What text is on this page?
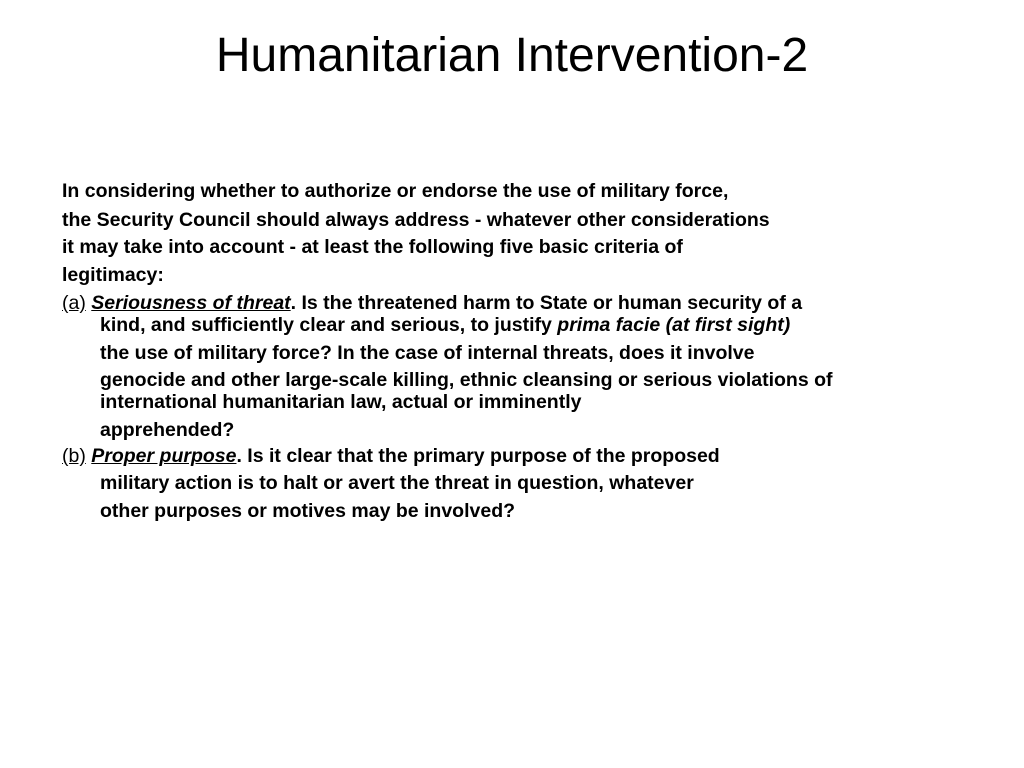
Humanitarian Intervention-2
In considering whether to authorize or endorse the use of military force,
the Security Council should always address - whatever other considerations
it may take into account - at least the following five basic criteria of
legitimacy:
(a) Seriousness of threat. Is the threatened harm to State or human security of a
kind, and sufficiently clear and serious, to justify prima facie (at first sight)
the use of military force? In the case of internal threats, does it involve
genocide and other large-scale killing, ethnic cleansing or serious violations of
international humanitarian law, actual or imminently
apprehended?
(b) Proper purpose. Is it clear that the primary purpose of the proposed
military action is to halt or avert the threat in question, whatever
other purposes or motives may be involved?
